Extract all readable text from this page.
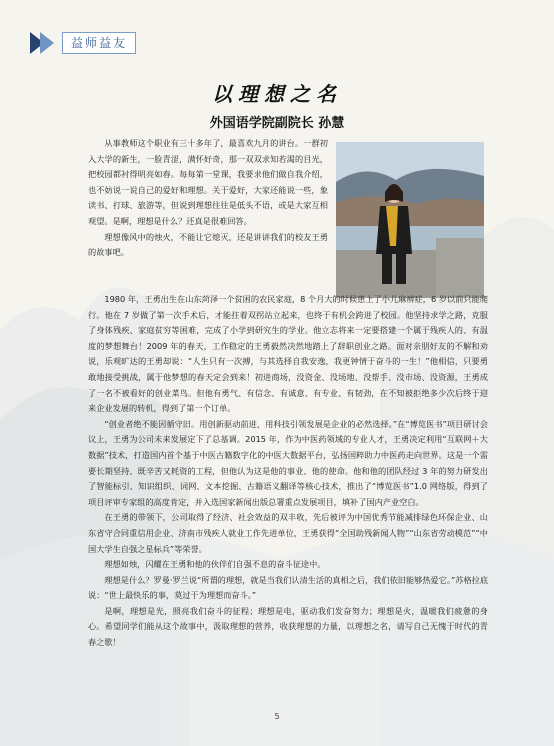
益师益友
以理想之名
外国语学院副院长 孙慧

从事教师这个职业有三十多年了，最喜欢九月的讲台。一群初入大学的新生，一脸青涩，满怀好奇，那一双双求知若渴的目光，把校园都衬得明亮如春。每每第一堂课，我要求他们做自我介绍，也不妨说一说自己的爱好和理想。关于爱好，大家还能说一些，象读书、打球、旅游等，但说到理想往往是低头不语，或是大家互相观望。是啊，理想是什么？还真是很难回答。

理想像风中的烛火，不能让它熄灭，还是讲讲我们的校友王勇的故事吧。

1980 年，王勇出生在山东菏泽一个贫困的农民家庭，8 个月大的时候患上了小儿麻痹症，6 岁以前只能爬行。他在 7 岁做了第一次手术后，才能拄着双拐站立起来，也终于有机会跨进了校园。他坚持求学之路，克服了身体残疾、家庭贫穷等困难，完成了小学到研究生的学业。他立志将来一定要搭建一个属于残疾人的、有温度的梦想舞台！2009 年的春天，工作稳定的王勇毅然决然地踏上了辞职创业之路。面对亲朋好友的不解和劝说，乐观旷达的王勇却说：“人生只有一次搏，与其选择自我安逸，我更钟情于奋斗的一生！”他相信，只要勇敢地接受挑战，属于他梦想的春天定会到来！初进商场，没资金、没场地、没帮手、没市场、没资源，王勇成了一名不被看好的创业菜鸟。但他有勇气、有信念、有诚意、有专业、有韧劲，在不知被拒绝多少次后终于迎来企业发展的转机，得到了第一个订单。

“创业者绝不能因循守旧。用创新驱动前进，用科技引领发展是企业的必然选择。”在“博览医书”项目研讨会议上，王勇为公司未来发展定下了总基调。2015 年，作为中医药领域的专业人才，王勇决定利用“互联网＋大数据”技术，打造国内首个基于中医古籍数字化的中医大数据平台，弘扬国粹助力中医药走向世界。这是一个需要长期坚持、既辛苦又耗资的工程，但他认为这是他的事业、他的使命。他和他的团队经过 3 年的努力研发出了智能标引、知识组织、词网、文本挖掘、古籍语义翻译等核心技术，推出了“博览医书”1.0 网络版，得到了项目评审专家组的高度肯定，并入选国家新闻出版总署重点发展项目，填补了国内产业空白。

在王勇的带领下，公司取得了经济、社会效益的双丰收，先后被评为中国优秀节能减排绿色环保企业、山东省守合同重信用企业、济南市残疾人就业工作先进单位，王勇获得“全国助残新闻人物”“山东省劳动模范”“中国大学生自强之星标兵”等荣誉。

理想如烛，闪耀在王勇和他的伙伴们自强不息的奋斗征途中。

理想是什么？罗曼·罗兰说“所谓的理想，就是当我们认清生活的真相之后，我们依旧能够热爱它。”苏格拉底说：“世上最快乐的事，莫过于为理想而奋斗。”

是啊，理想是光，照亮我们奋斗的征程；理想是电，驱动我们发奋努力；理想是火，温暖我们疲惫的身心。希望同学们能从这个故事中，汲取理想的营养，收获理想的力量，以理想之名，请写自己无愧于时代的青春之歌！

5
